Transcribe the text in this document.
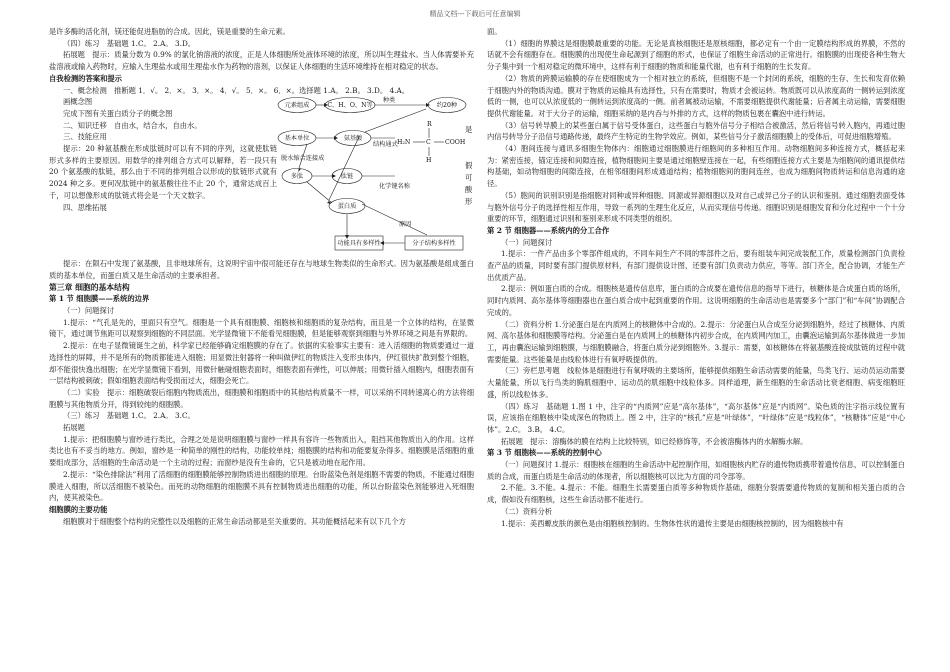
精品文档---下载后可任意编辑

是许多酶的活化剂，镁还能促进脂肪的合成。因此，镁是重要的生命元素。

（四）练习　基础题 1.C。 2.A。 3.D。

拓展题　提示：质量分数为 0.9% 的氯化钠溶液的浓度，正是人体细胞所处液体环境的浓度，所以叫生理盐水。当人体需要补充盐溶液或输入药物时，应输入生理盐水或用生理盐水作为药物的溶剂，以保证人体细胞的生活环境维持在相对稳定的状态。

自我检测的答案和提示

一、概念检测　推断题 1．√。 2．×。 3．×。 4．√。 5．×。 6．×。选择题 1.A。 2.B。 3.D。 4.A。

画概念图

完成下图有关蛋白质分子的概念图

二、知识迁移　自由水，结合水，自由水。

三、技能应用

提示：20 种氨基酸在形成肽链时可以有不同的序列，这就使肽链形式多样的主要原因。用数学的排列组合方式可以解释，若一段只有 20 个氨基酸的肽链，那么由于不同的排列组合以形成的肽链形式就有 2024 种之多。更何况肽链中的氨基酸往往不止 20 个，通常达成百上千，可以想像形成的肽链式将会是一个天文数字。

四、思维拓展

元素组成	C、H、O、N等
种类
约20种
基本单位	氨基酸
结构通式
脱水缩合连接成
多肽	肽链
化学键名称
蛋白质
功能具有多样性	分子结构多样性
原因
R
H₂N	C COOH
H
是
假
可
酸
形

提示：在陨石中发现了氨基酸，且非地球所有，这说明宇宙中很可能还存在与地球生物类似的生命形式。因为氨基酸是组成蛋白质的基本单位，而蛋白质又是生命活动的主要承担者。

第三章 细胞的基本结构

第 1 节 细胞膜——系统的边界

（一）问题探讨

1.提示：“气孔是先的，里面只有空气。细胞是一个具有细胞膜、细胞核和细胞质的复杂结构，而且是一个立体的结构，在显微镜下，通过调节焦距可以观察到细胞的不同层面。光学显微镜下不能看见细胞膜，但是能够观察到细胞与外界环境之间是有界限的。

2.提示：在电子显微镜诞生之前，科学家已经能够确定细胞膜的存在了。依据的实验事实主要有：进入活细胞的物质要通过一道选择性的屏障，并不是所有的物质都能进入细胞；用显微注射器将一种叫做伊红的物质注入变形虫体内，伊红很快扩散到整个细胞，却不能很快逸出细胞；在光学显微镜下看到，用微针触碰细胞表面时，细胞表面有弹性，可以伸展；用微针插入细胞内，细胞表面有一层结构被刺破；假如细胞表面结构受损而过大，细胞会死亡。

（二）实验　提示：细胞破裂后细胞内物质流出，细胞膜和细胞质中的其他结构质量不一样，可以采纳不同转速离心的方法将细胞膜与其他物质分开，得到较纯的细胞膜。

（三）练习　基础题 1.C。 2.A。 3.C。

拓展题

1.提示：把细胞膜与窗纱进行类比，合理之处是说明细胞膜与窗纱一样具有容许一些物质出入，阻挡其他物质出入的作用。这样类比也有不妥当的地方。例如，窗纱是一种简单的刚性的结构，功能较单纯；细胞膜的结构和功能要复杂得多。细胞膜是活细胞的重要组成部分，活细胞的生命活动是一个主动的过程；而窗纱是没有生命的，它只是被动地在起作用。

2.提示：“染色排除法”利用了活细胞的细胞膜能够控制物质进出细胞的原理。台盼蓝染色剂是细胞不需要的物质，不能通过细胞膜进入细胞，所以活细胞不被染色。而死的动物细胞的细胞膜不具有控制物质进出细胞的功能，所以台盼蓝染色剂能够进入死细胞内，使其被染色。

细胞膜的主要功能

细胞膜对于细胞整个结构的完整性以及细胞的正常生命活动都是至关重要的。其功能概括起来有以下几个方

面。

（1）细胞的界膜这是细胞膜最重要的功能。无论是真核细胞还是原核细胞，都必定有一个由一定膜结构形成的界膜，不然的话就不会有细胞存在。细胞膜的出现使生命起源到了细胞的形式，也保证了细胞生命活动的正常进行。细胞膜的出现使各种生物大分子集中到一个相对稳定的微环境中，这样有利于细胞的物质和能量代谢，也有利于细胞的生长发育。

（2）物质的跨膜运输膜的存在使细胞成为一个相对独立的系统，但细胞不是一个封闭的系统，细胞的生存、生长和发育依赖于细胞内外的物质沟通。膜对于物质的运输具有选择性，只有在需要时，物质才会被运转。物质既可以从浓度高的一侧转运到浓度低的一侧，也可以从浓度低的一侧转运到浓度高的一侧。前者属被动运输，不需要细胞提供代谢能量；后者属主动运输，需要细胞提供代谢能量。对于大分子的运输，细胞采纳的是内吞与外排的方式，这样的物质包裹在囊泡中进行转运。

（3）信号转导膜上的某些蛋白属于信号受体蛋白，这些蛋白与胞外信号分子相结合被激活，然后将信号转入胞内，再通过胞内信号转导分子沿信号通路传递，最终产生特定的生物学效应。例如，某些信号分子激活细胞膜上的受体后，可促进细胞增殖。

（4）胞间连接与通讯多细胞生物体内：细胞通过细胞膜进行细胞间的多种相互作用。动物细胞间多种连接方式，概括起来为：紧密连接，锚定连接和间隙连接，植物细胞间主要是通过细胞壁连接在一起，有些细胞连接方式主要是为细胞间的通讯提供结构基础，如动物细胞的间隙连接，在相邻细胞间形成通道结构；植物细胞间的胞间连丝，也成为细胞间物质转运和信息沟通的途径。

（5）胞间的识别识别是指细胞对同种或异种细胞、同源或异源细胞以及对自己或异己分子的认识和鉴别。通过细胞表面受体与胞外信号分子的选择性相互作用，导致一系列的生理生化反应，从而实现信号传递。细胞识别是细胞发育和分化过程中一个十分重要的环节，细胞通过识别和鉴别来形成不同类型的组织。

第 2 节 细胞器——系统内的分工合作

（一）问题探讨

1.提示：一件产品由多个零部件组成的，不同车间生产不同的零部件之后，要有组装车间完成装配工作，质量检测部门负责检查产品的质量，同时要有部门提供原材料，有部门提供设计图，还要有部门负责动力供应，等等。部门齐全，配合协调，才能生产出优质产品。

2.提示：例如蛋白质的合成。细胞核是遗传信息库，蛋白质的合成要在遗传信息的指导下进行，核糖体是合成蛋白质的场所，同时内质网、高尔基体等细胞器也在蛋白质合成中起到重要的作用。这说明细胞的生命活动也是需要多个“部门”和“车间”协调配合完成的。

（二）资料分析 1.分泌蛋白是在内质网上的核糖体中合成的。2.提示：分泌蛋白从合成至分泌到细胞外，经过了核糖体、内质网、高尔基体和细胞膜等结构。分泌蛋白是在内质网上的核糖体内初步合成，在内质网内加工，由囊泡运输到高尔基体做进一步加工，再由囊泡运输到细胞膜，与细胞膜融合，将蛋白质分泌到细胞外。3.提示：需要，如核糖体在将氨基酸连接成肽链的过程中就需要能量。这些能量是由线粒体进行有氧呼吸提供的。

（三）旁栏思考题　线粒体是细胞进行有氧呼吸的主要场所，能够提供细胞生命活动需要的能量，鸟类飞行、运动员运动需要大量能量，所以飞行鸟类的胸肌细胞中、运动员的肌细胞中线粒体多。同样道理，新生细胞的生命活动比衰老细胞、病变细胞旺盛，所以线粒体多。

（四）练习　基础题 1.图 1 中，注字的“内质网”应是“高尔基体”，“高尔基体”应是“内质网”。染色质的注字指示线位置有误，应该指在细胞核中染成深色的物质上。图 2 中，注字的“核孔”应是“叶绿体”，“叶绿体”应是“线粒体”，“核糖体”应是“中心体”。2.C。 3.B。 4.C。

拓展题　提示：溶酶体的膜在结构上比较特别，如已经修饰等，不会被溶酶体内的水解酶水解。

第 3 节 细胞核——系统的控制中心

（一）问题探讨 1.提示：细胞核在细胞的生命活动中起控制作用，如细胞核内贮存的遗传物质携带着遗传信息，可以控制蛋白质的合成，而蛋白质是生命活动的体现者，所以细胞核可以比为方面的司令部等。

2.不能。3.不能。4.提示：不能。细胞生长需要蛋白质等多种物质作基础，细胞分裂需要遗传物质的复制和相关蛋白质的合成，假如没有细胞核，这些生命活动都不能进行。

（二）资料分析

1.提示：美西螈皮肤的颜色是由细胞核控制的。生物体性状的遗传主要是由细胞核控制的，因为细胞核中有
